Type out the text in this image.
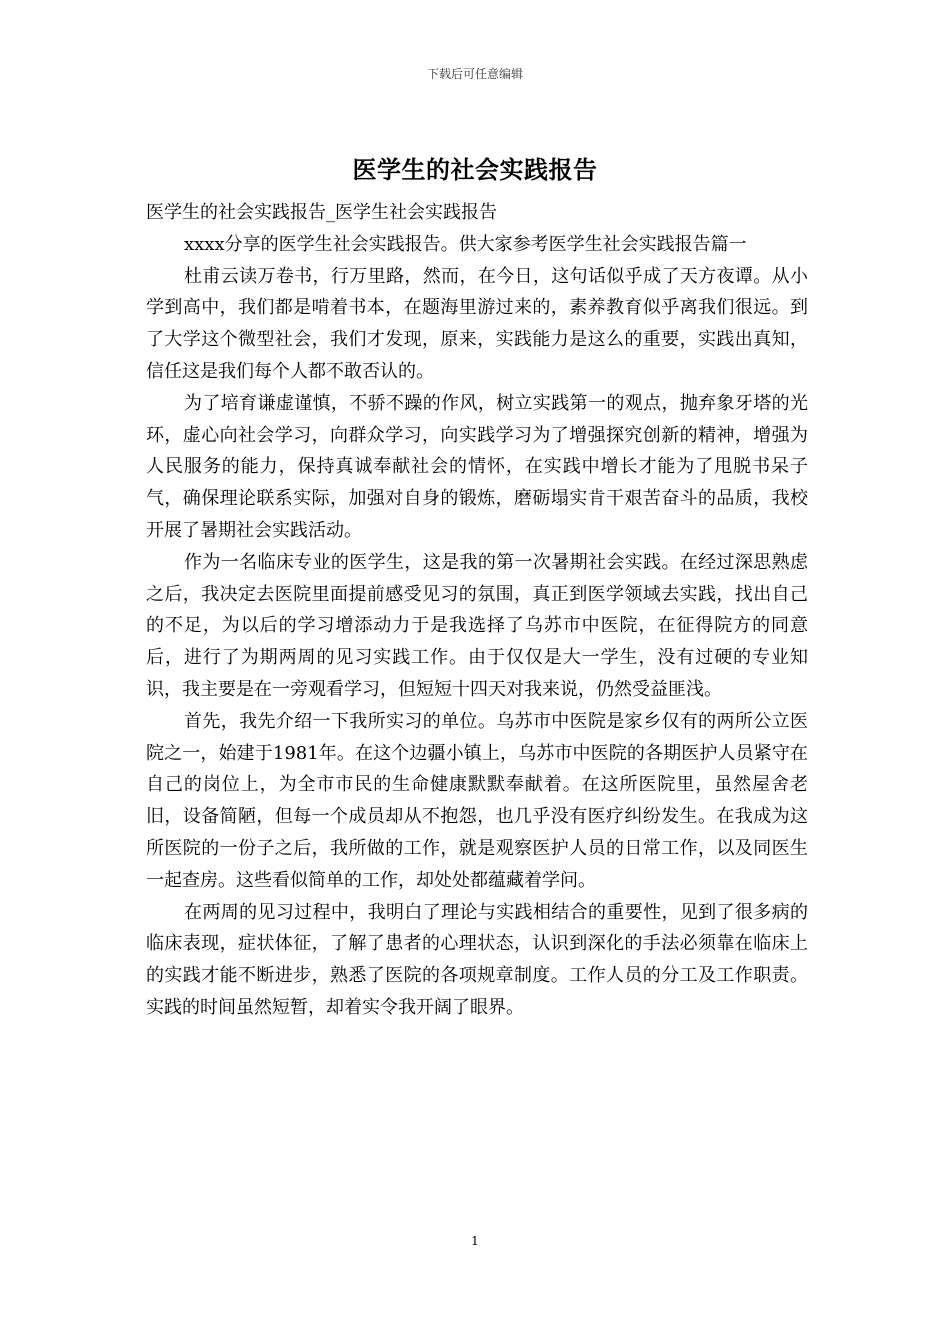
下载后可任意编辑
医学生的社会实践报告

医学生的社会实践报告_医学生社会实践报告

xxxx分享的医学生社会实践报告。供大家参考医学生社会实践报告篇一

杜甫云读万卷书，行万里路，然而，在今日，这句话似乎成了天方夜谭。从小学到高中，我们都是啃着书本，在题海里游过来的，素养教育似乎离我们很远。到了大学这个微型社会，我们才发现，原来，实践能力是这么的重要，实践出真知，信任这是我们每个人都不敢否认的。

为了培育谦虚谨慎，不骄不躁的作风，树立实践第一的观点，抛弃象牙塔的光环，虚心向社会学习，向群众学习，向实践学习为了增强探究创新的精神，增强为人民服务的能力，保持真诚奉献社会的情怀，在实践中增长才能为了甩脱书呆子气，确保理论联系实际，加强对自身的锻炼，磨砺塌实肯干艰苦奋斗的品质，我校开展了暑期社会实践活动。

作为一名临床专业的医学生，这是我的第一次暑期社会实践。在经过深思熟虑之后，我决定去医院里面提前感受见习的氛围，真正到医学领域去实践，找出自己的不足，为以后的学习增添动力于是我选择了乌苏市中医院，在征得院方的同意后，进行了为期两周的见习实践工作。由于仅仅是大一学生，没有过硬的专业知识，我主要是在一旁观看学习，但短短十四天对我来说，仍然受益匪浅。

首先，我先介绍一下我所实习的单位。乌苏市中医院是家乡仅有的两所公立医院之一，始建于1981年。在这个边疆小镇上，乌苏市中医院的各期医护人员紧守在自己的岗位上，为全市市民的生命健康默默奉献着。在这所医院里，虽然屋舍老旧，设备简陋，但每一个成员却从不抱怨，也几乎没有医疗纠纷发生。在我成为这所医院的一份子之后，我所做的工作，就是观察医护人员的日常工作，以及同医生一起查房。这些看似简单的工作，却处处都蕴藏着学问。

在两周的见习过程中，我明白了理论与实践相结合的重要性，见到了很多病的临床表现，症状体征，了解了患者的心理状态，认识到深化的手法必须靠在临床上的实践才能不断进步，熟悉了医院的各项规章制度。工作人员的分工及工作职责。实践的时间虽然短暂，却着实令我开阔了眼界。

1
